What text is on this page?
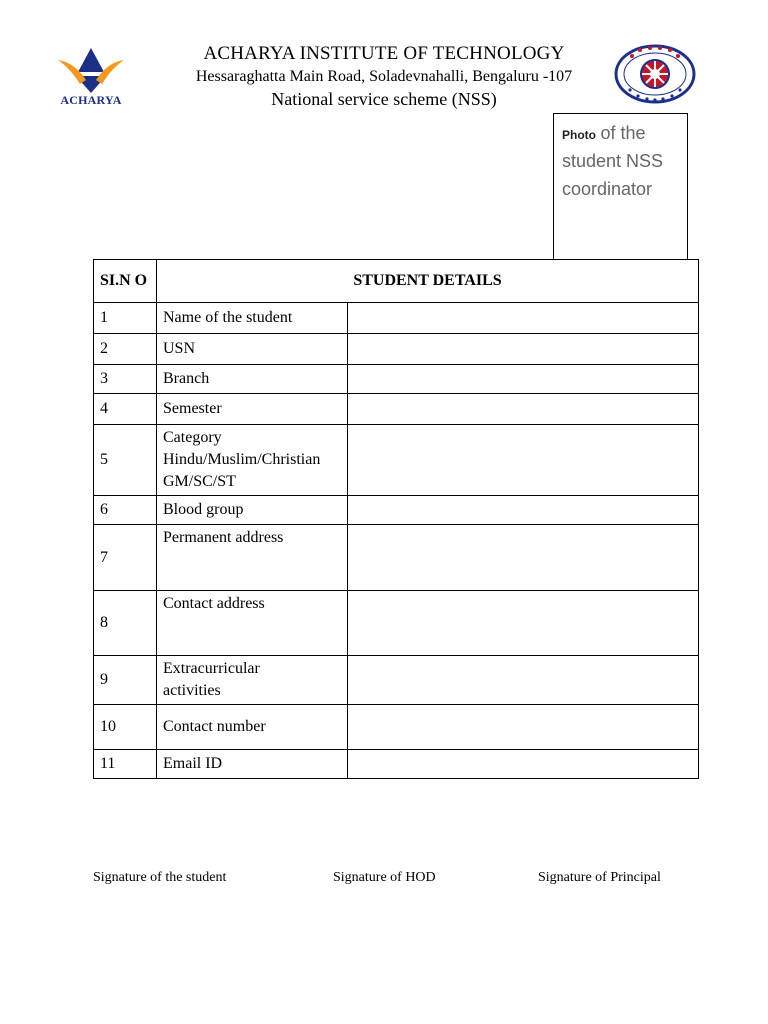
ACHARYA
ACHARYA INSTITUTE OF TECHNOLOGY
Hessaraghatta Main Road, Soladevnahalli, Bengaluru -107
National service scheme (NSS)
Photo of the student NSS coordinator
SI.N O	STUDENT DETAILS	
1	Name of the student	
2	USN	
3	Branch	
4	Semester	
5	Category
Hindu/Muslim/Christian
GM/SC/ST	

6	Blood group	
7	Permanent address	
8	Contact address	
9	Extracurricular
activities	

10	Contact number	
11	Email ID	
Signature of the student	Signature of HOD	Signature of Principal
